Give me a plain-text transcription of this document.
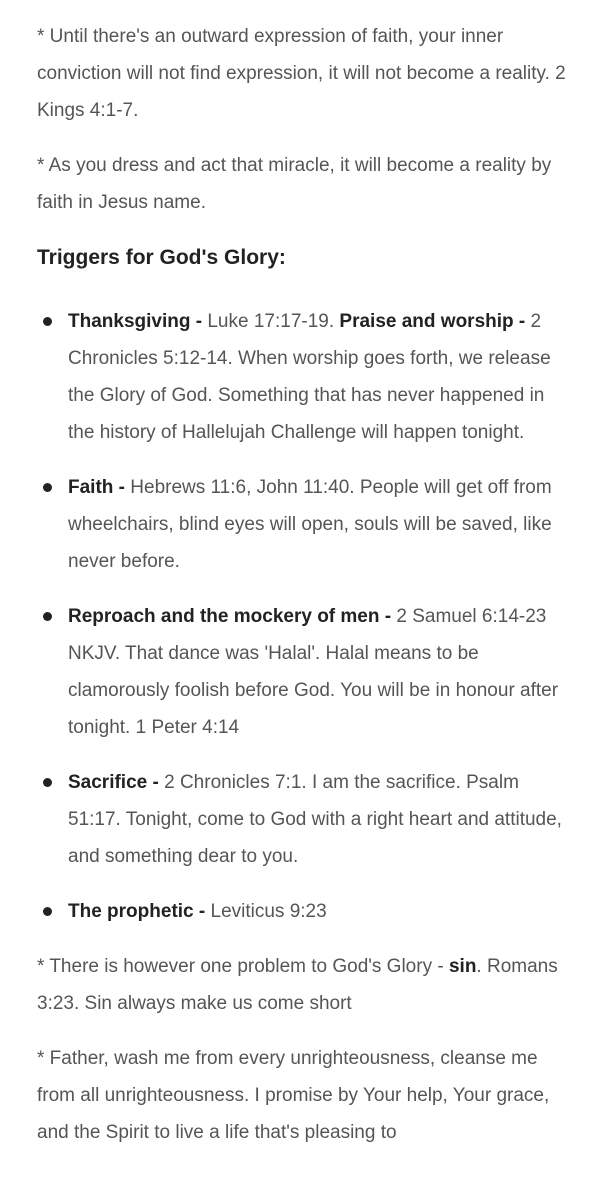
* Until there's an outward expression of faith, your inner conviction will not find expression, it will not become a reality. 2 Kings 4:1-7.

* As you dress and act that miracle, it will become a reality by faith in Jesus name.

Triggers for God's Glory:
Thanksgiving - Luke 17:17-19. Praise and worship - 2 Chronicles 5:12-14. When worship goes forth, we release the Glory of God. Something that has never happened in the history of Hallelujah Challenge will happen tonight.
Faith - Hebrews 11:6, John 11:40. People will get off from wheelchairs, blind eyes will open, souls will be saved, like never before.
Reproach and the mockery of men - 2 Samuel 6:14-23 NKJV. That dance was 'Halal'. Halal means to be clamorously foolish before God. You will be in honour after tonight. 1 Peter 4:14
Sacrifice - 2 Chronicles 7:1. I am the sacrifice. Psalm 51:17. Tonight, come to God with a right heart and attitude, and something dear to you.
The prophetic - Leviticus 9:23

* There is however one problem to God's Glory - sin. Romans 3:23. Sin always make us come short

* Father, wash me from every unrighteousness, cleanse me from all unrighteousness. I promise by Your help, Your grace, and the Spirit to live a life that's pleasing to
